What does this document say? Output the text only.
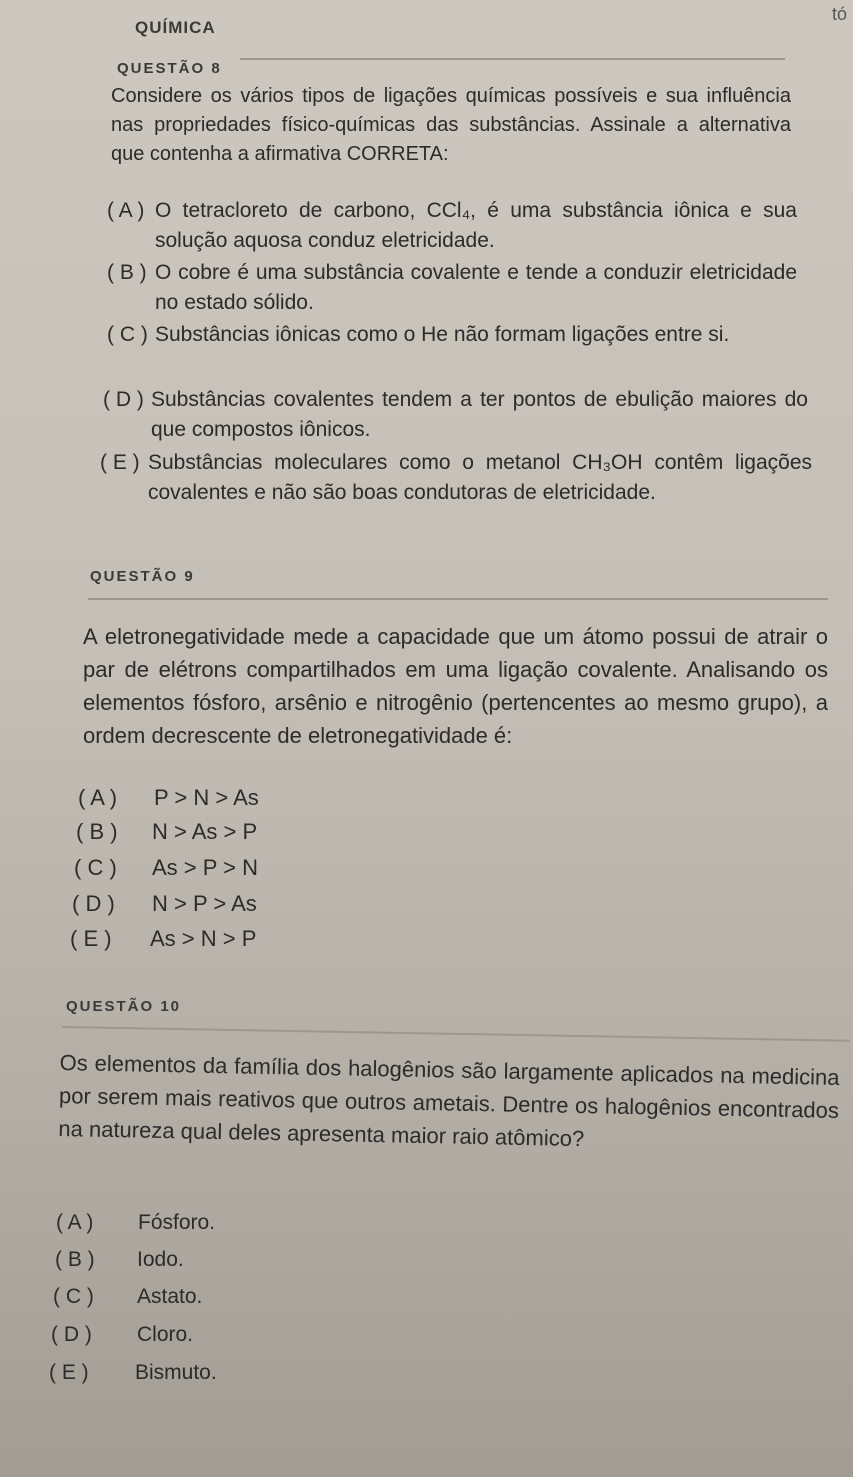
QUÍMICA
tó
QUESTÃO 8
Considere os vários tipos de ligações químicas possíveis e sua influência nas propriedades físico-químicas das substâncias. Assinale a alternativa que contenha a afirmativa CORRETA:
( A ) O tetracloreto de carbono, CCl₄, é uma substância iônica e sua solução aquosa conduz eletricidade.
( B ) O cobre é uma substância covalente e tende a conduzir eletricidade no estado sólido.
( C ) Substâncias iônicas como o He não formam ligações entre si.
( D ) Substâncias covalentes tendem a ter pontos de ebulição maiores do que compostos iônicos.
( E ) Substâncias moleculares como o metanol CH₃OH contêm ligações covalentes e não são boas condutoras de eletricidade.
QUESTÃO 9
A eletronegatividade mede a capacidade que um átomo possui de atrair o par de elétrons compartilhados em uma ligação covalente. Analisando os elementos fósforo, arsênio e nitrogênio (pertencentes ao mesmo grupo), a ordem decrescente de eletronegatividade é:
( A )	P > N > As
( B )	N > As > P
( C )	As > P > N
( D )	N > P > As
( E )	As > N > P
QUESTÃO 10
Os elementos da família dos halogênios são largamente aplicados na medicina por serem mais reativos que outros ametais. Dentre os halogênios encontrados na natureza qual deles apresenta maior raio atômico?
( A )	Fósforo.
( B )	Iodo.
( C )	Astato.
( D )	Cloro.
( E )	Bismuto.
